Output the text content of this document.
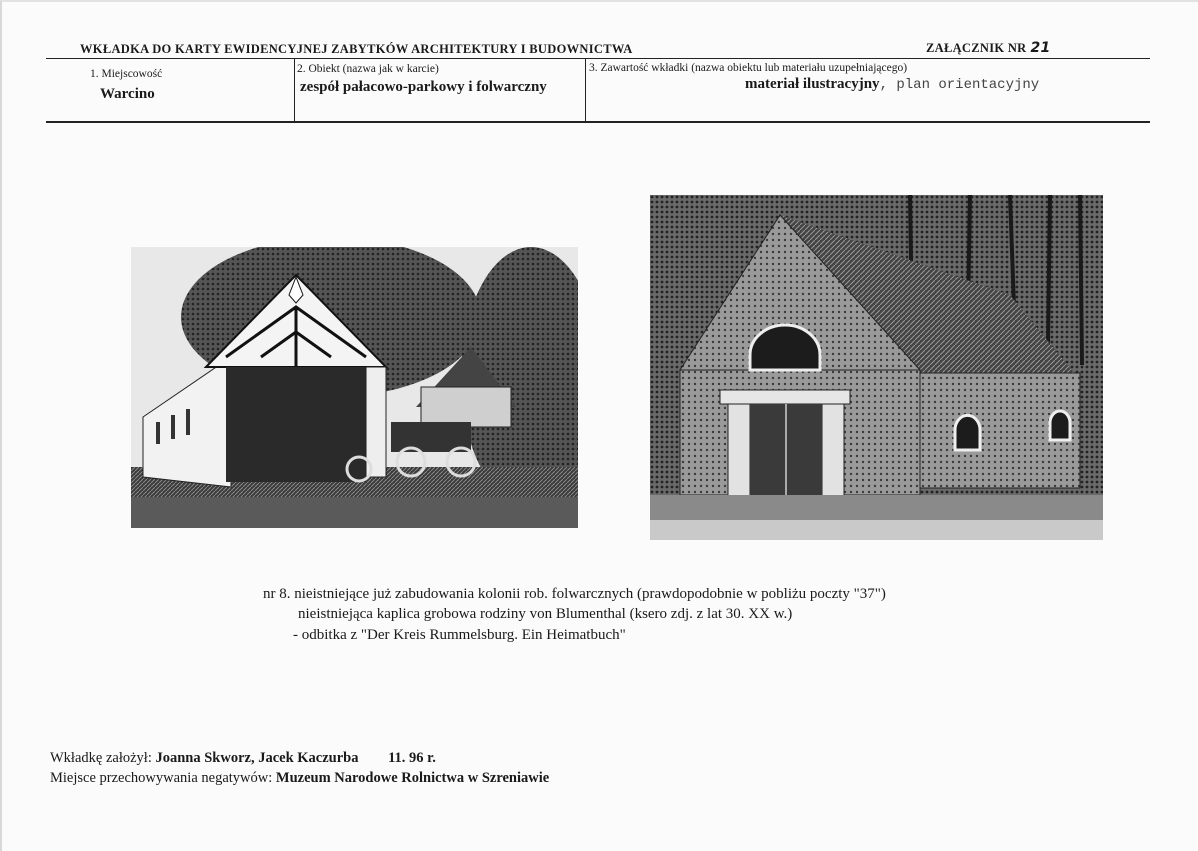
WKŁADKA DO KARTY EWIDENCYJNEJ ZABYTKÓW ARCHITEKTURY I BUDOWNICTWA	ZAŁĄCZNIK NR 21
1. Miejscowość
Warcino
2. Obiekt (nazwa jak w karcie)
zespół pałacowo-parkowy i folwarczny
3. Zawartość wkładki (nazwa obiektu lub materiału uzupełniającego)
materiał ilustracyjny, plan orientacyjny
nr 8. nieistniejące już zabudowania kolonii rob. folwarcznych (prawdopodobnie w pobliżu poczty "37")
nieistniejąca kaplica grobowa rodziny von Blumenthal (ksero zdj. z lat 30. XX w.)
- odbitka z "Der Kreis Rummelsburg. Ein Heimatbuch"
Wkładkę założył: Joanna Skworz, Jacek Kaczurba 11. 96 r.
Miejsce przechowywania negatywów: Muzeum Narodowe Rolnictwa w Szreniawie
